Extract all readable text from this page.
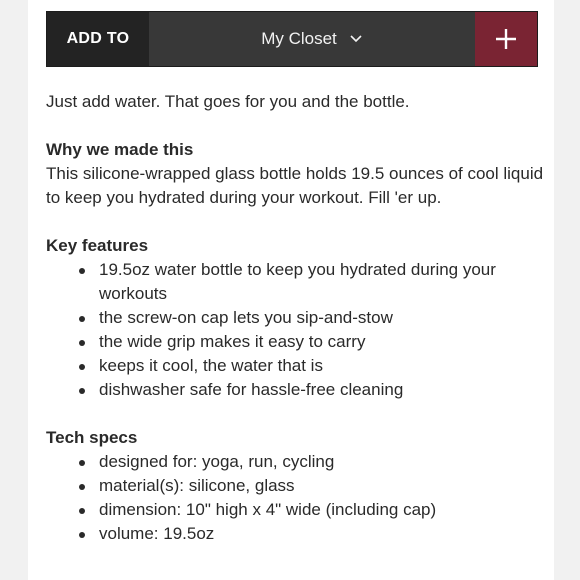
ADD TO	My Closet

Just add water. That goes for you and the bottle.

Why we made this

This silicone-wrapped glass bottle holds 19.5 ounces of cool liquid to keep you hydrated during your workout. Fill 'er up.

Key features
19.5oz water bottle to keep you hydrated during your workouts
the screw-on cap lets you sip-and-stow
the wide grip makes it easy to carry
keeps it cool, the water that is
dishwasher safe for hassle-free cleaning
Tech specs
designed for: yoga, run, cycling
material(s): silicone, glass
dimension: 10" high x 4" wide (including cap)
volume: 19.5oz
